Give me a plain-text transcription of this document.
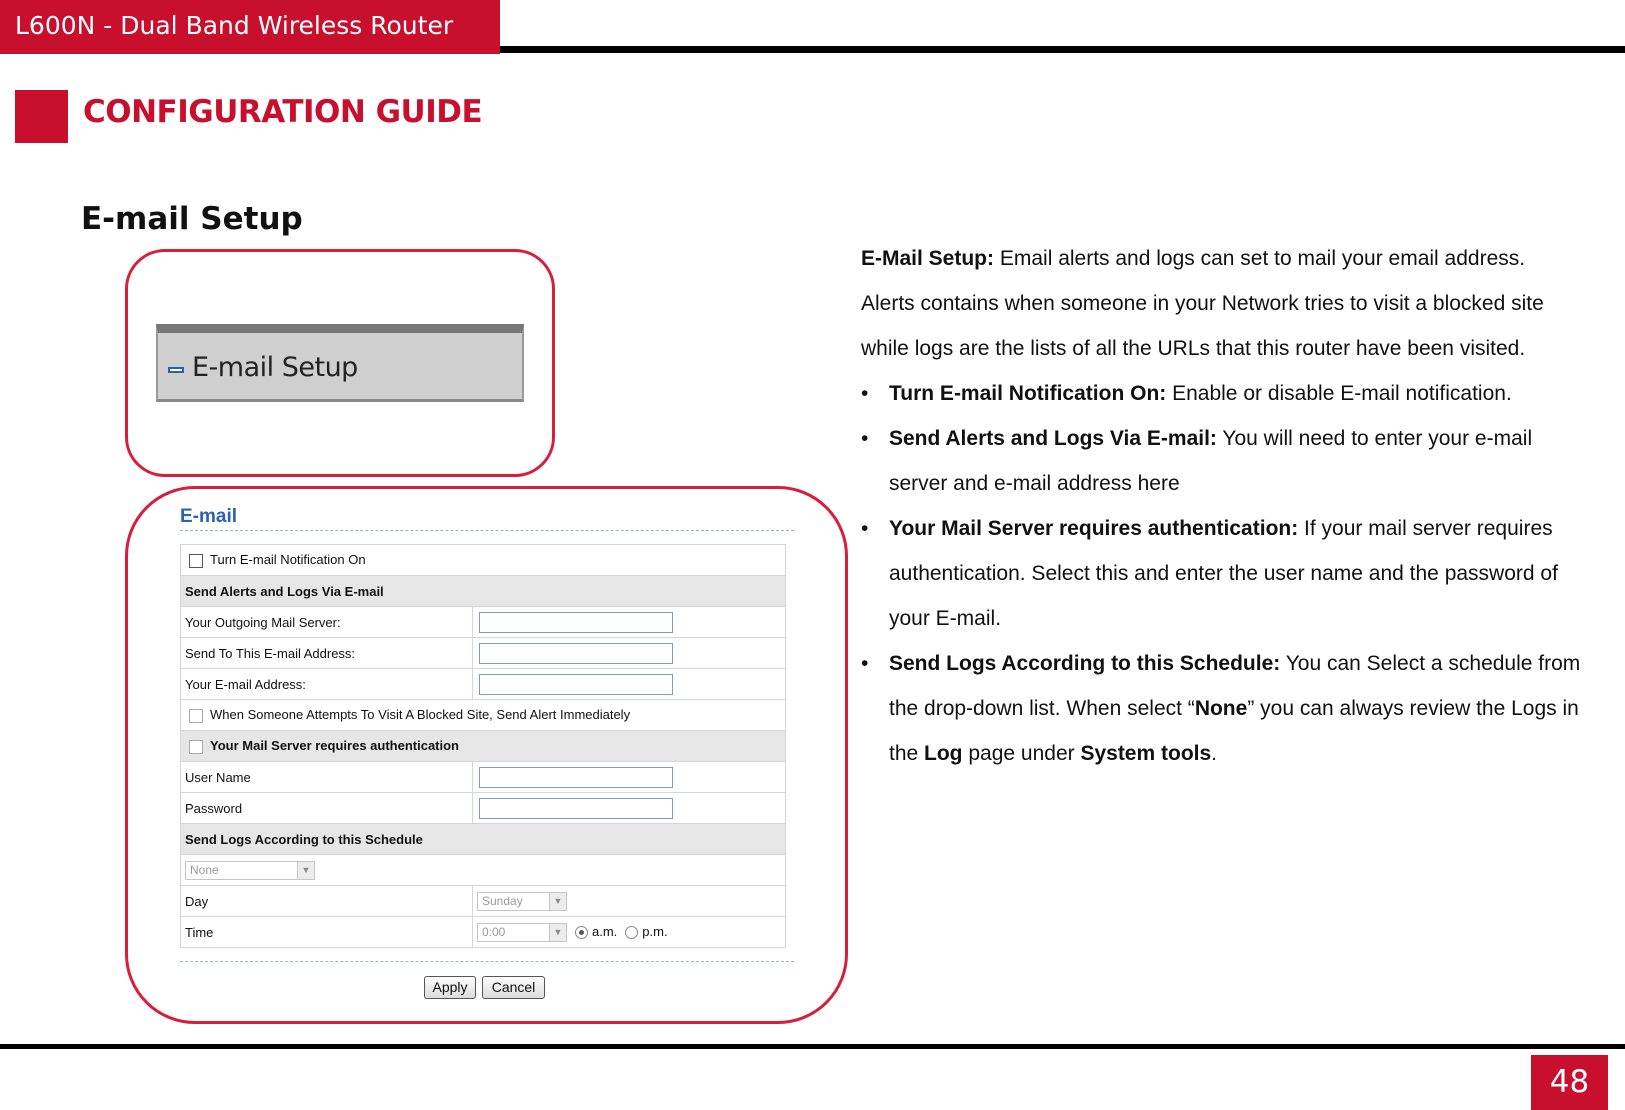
L600N - Dual Band Wireless Router
CONFIGURATION GUIDE
E-mail Setup
E-mail Setup
E-mail
Turn E-mail Notification On	
Send Alerts and Logs Via E-mail	
Your Outgoing Mail Server:	
Send To This E-mail Address:	
Your E-mail Address:	
When Someone Attempts To Visit A Blocked Site, Send Alert Immediately	
Your Mail Server requires authentication	
User Name	
Password	
Send Logs According to this Schedule	
None ▼	

Day	Sunday ▼

Time	0:00 ▼ a.m. p.m.
Apply	Cancel

E-Mail Setup: Email alerts and logs can set to mail your email address. Alerts contains when someone in your Network tries to visit a blocked site while logs are the lists of all the URLs that this router have been visited.

• Turn E-mail Notification On: Enable or disable E-mail notification.
• Send Alerts and Logs Via E-mail: You will need to enter your e-mail server and e-mail address here
• Your Mail Server requires authentication: If your mail server requires authentication. Select this and enter the user name and the password of your E-mail.
• Send Logs According to this Schedule: You can Select a schedule from the drop-down list. When select “None” you can always review the Logs in the Log page under System tools.
48
